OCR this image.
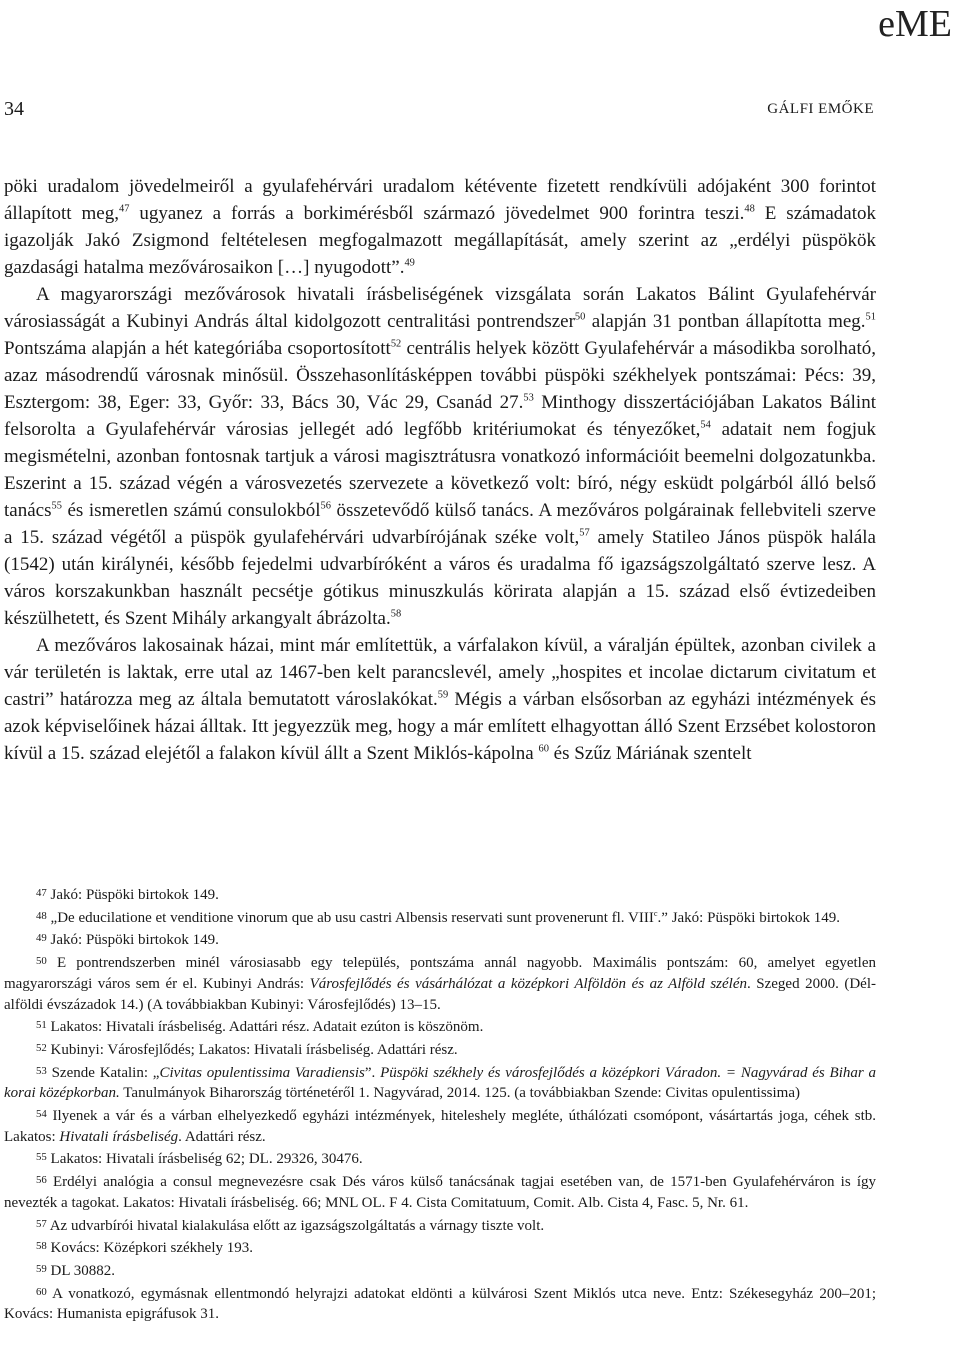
eME
34	GÁLFI EMŐKE

pöki uradalom jövedelmeiről a gyulafehérvári uradalom kétévente fizetett rendkívüli adójaként 300 forintot állapított meg,$^{47}$ ugyanez a forrás a borkimérésből származó jövedelmet 900 forintra teszi.$^{48}$ E számadatok igazolják Jakó Zsigmond feltételesen megfogalmazott megállapítását, amely szerint az „erdélyi püspökök gazdasági hatalma mezővárosaikon […] nyugodott”.$^{49}$

A magyarországi mezővárosok hivatali írásbeliségének vizsgálata során Lakatos Bálint Gyulafehérvár városiasságát a Kubinyi András által kidolgozott centralitási pontrendszer$^{50}$ alapján 31 pontban állapította meg.$^{51}$ Pontszáma alapján a hét kategóriába csoportosított$^{52}$ centrális helyek között Gyulafehérvár a másodikba sorolható, azaz másodrendű városnak minősül. Összehasonlításképpen további püspöki székhelyek pontszámai: Pécs: 39, Esztergom: 38, Eger: 33, Győr: 33, Bács 30, Vác 29, Csanád 27.53 Minthogy disszertációjában Lakatos Bálint felsorolta a Gyulafehérvár városias jellegét adó legfőbb kritériumokat és tényezőket,$^{54}$ adatait nem fogjuk megismételni, azonban fontosnak tartjuk a városi magisztrátusra vonatkozó információit beemelni dolgozatunkba. Eszerint a 15. század végén a városvezetés szervezete a következő volt: bíró, négy esküdt polgárból álló belső tanács$^{55}$ és ismeretlen számú consulokból$^{56}$ összetevődő külső tanács. A mezőváros polgárainak fellebviteli szerve a 15. század végétől a püspök gyulafehérvári udvarbírójának széke volt,$^{57}$ amely Statileo János püspök halála (1542) után királynéi, később fejedelmi udvarbíróként a város és uradalma fő igazságszolgáltató szerve lesz. A város korszakunkban használt pecsétje gótikus minuszkulás körirata alapján a 15. század első évtizedeiben készülhetett, és Szent Mihály arkangyalt ábrázolta.$^{58}$

A mezőváros lakosainak házai, mint már említettük, a várfalakon kívül, a váralján épültek, azonban civilek a vár területén is laktak, erre utal az 1467-ben kelt parancslevél, amely „hospites et incolae dictarum civitatum et castri” határozza meg az általa bemutatott városlakókat.$^{59}$ Mégis a várban elsősorban az egyházi intézmények és azok képviselőinek házai álltak. Itt jegyezzük meg, hogy a már említett elhagyottan álló Szent Erzsébet kolostoron kívül a 15. század elejétől a falakon kívül állt a Szent Miklós-kápolna $^{60}$ és Szűz Máriának szentelt

$^{47}$ Jakó: Püspöki birtokok 149.

$^{48}$ „De educilatione et venditione vinorum que ab usu castri Albensis reservati sunt provenerunt fl. VIII$^c$.” Jakó: Püspöki birtokok 149.

$^{49}$ Jakó: Püspöki birtokok 149.

$^{50}$ E pontrendszerben minél városiasabb egy település, pontszáma annál nagyobb. Maximális pontszám: 60, amelyet egyetlen magyarországi város sem ér el. Kubinyi András: Városfejlődés és vásárhálózat a középkori Alföldön és az Alföld szélén. Szeged 2000. (Dél-alföldi évszázadok 14.) (A továbbiakban Kubinyi: Városfejlődés) 13–15.

$^{51}$ Lakatos: Hivatali írásbeliség. Adattári rész. Adatait ezúton is köszönöm.

$^{52}$ Kubinyi: Városfejlődés; Lakatos: Hivatali írásbeliség. Adattári rész.

$^{53}$ Szende Katalin: „Civitas opulentissima Varadiensis”. Püspöki székhely és városfejlődés a középkori Váradon. = Nagyvárad és Bihar a korai középkorban. Tanulmányok Biharország történetéről 1. Nagyvárad, 2014. 125. (a továbbiakban Szende: Civitas opulentissima)

$^{54}$ Ilyenek a vár és a várban elhelyezkedő egyházi intézmények, hiteleshely megléte, úthálózati csomópont, vásártartás joga, céhek stb. Lakatos: Hivatali írásbeliség. Adattári rész.

$^{55}$ Lakatos: Hivatali írásbeliség 62; DL. 29326, 30476.

$^{56}$ Erdélyi analógia a consul megnevezésre csak Dés város külső tanácsának tagjai esetében van, de 1571-ben Gyulafehérváron is így nevezték a tagokat. Lakatos: Hivatali írásbeliség. 66; MNL OL. F 4. Cista Comitatuum, Comit. Alb. Cista 4, Fasc. 5, Nr. 61.

$^{57}$ Az udvarbírói hivatal kialakulása előtt az igazságszolgáltatás a várnagy tiszte volt.

$^{58}$ Kovács: Középkori székhely 193.

$^{59}$ DL 30882.

$^{60}$ A vonatkozó, egymásnak ellentmondó helyrajzi adatokat eldönti a külvárosi Szent Miklós utca neve. Entz: Székesegyház 200–201; Kovács: Humanista epigráfusok 31.
